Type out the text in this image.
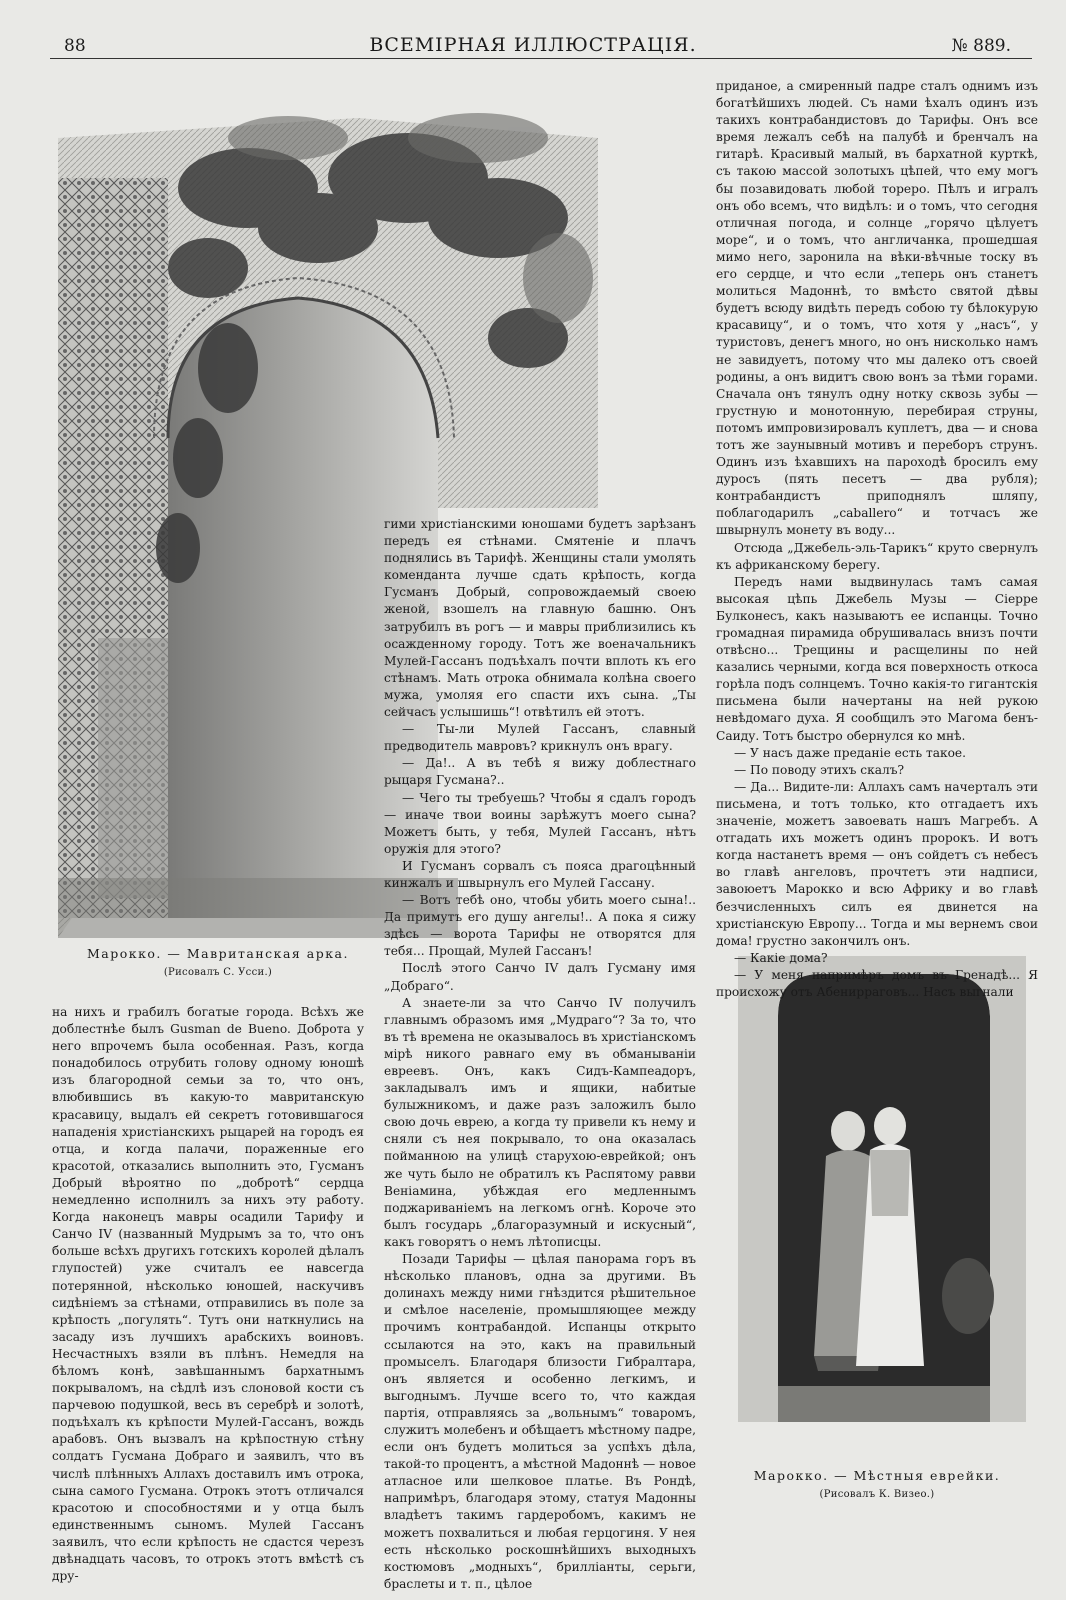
88	ВСЕМІРНАЯ ИЛЛЮСТРАЦІЯ.	№ 889.
Марокко. — Мавританская арка.
(Рисовалъ С. Усси.)
Марокко. — Мѣстныя еврейки.
(Рисовалъ К. Визео.)

на нихъ и грабилъ богатые города. Всѣхъ же доблестнѣе былъ Gusman de Bueno. Доброта у него впрочемъ была особенная. Разъ, когда понадобилось отрубить голову одному юношѣ изъ благородной семьи за то, что онъ, влюбившись въ какую-то мавританскую красавицу, выдалъ ей секретъ готовившагося нападенія христіанскихъ рыцарей на городъ ея отца, и когда палачи, пораженные его красотой, отказались выполнить это, Гусманъ Добрый вѣроятно по „добротѣ“ сердца немедленно исполнилъ за нихъ эту работу. Когда наконецъ мавры осадили Тарифу и Санчо IV (названный Мудрымъ за то, что онъ больше всѣхъ другихъ готскихъ королей дѣлалъ глупостей) уже считалъ ее навсегда потерянной, нѣсколько юношей, наскучивъ сидѣніемъ за стѣнами, отправились въ поле за крѣпость „погулять“. Тутъ они наткнулись на засаду изъ лучшихъ арабскихъ воиновъ. Несчастныхъ взяли въ плѣнъ. Немедля на бѣломъ конѣ, завѣшаннымъ бархатнымъ покрываломъ, на сѣдлѣ изъ слоновой кости съ парчевою подушкой, весь въ серебрѣ и золотѣ, подъѣхалъ къ крѣпости Мулей-Гассанъ, вождь арабовъ. Онъ вызвалъ на крѣпостную стѣну солдатъ Гусмана Добраго и заявилъ, что въ числѣ плѣнныхъ Аллахъ доставилъ имъ отрока, сына самого Гусмана. Отрокъ этотъ отличался красотою и способностями и у отца былъ единственнымъ сыномъ. Мулей Гассанъ заявилъ, что если крѣпость не сдастся черезъ двѣнадцать часовъ, то отрокъ этотъ вмѣстѣ съ дру-

гими христіанскими юношами будетъ зарѣзанъ передъ ея стѣнами. Смятеніе и плачъ поднялись въ Тарифѣ. Женщины стали умолять коменданта лучше сдать крѣпость, когда Гусманъ Добрый, сопровождаемый своею женой, взошелъ на главную башню. Онъ затрубилъ въ рогъ — и мавры приблизились къ осажденному городу. Тотъ же военачальникъ Мулей-Гассанъ подъѣхалъ почти вплоть къ его стѣнамъ. Мать отрока обнимала колѣна своего мужа, умоляя его спасти ихъ сына. „Ты сейчасъ услышишь“! отвѣтилъ ей этотъ.

— Ты-ли Мулей Гассанъ, славный предводитель мавровъ? крикнулъ онъ врагу.

— Да!.. А въ тебѣ я вижу доблестнаго рыцаря Гусмана?..

— Чего ты требуешь? Чтобы я сдалъ городъ — иначе твои воины зарѣжутъ моего сына? Можетъ быть, у тебя, Мулей Гассанъ, нѣтъ оружія для этого?

И Гусманъ сорвалъ съ пояса драгоцѣнный кинжалъ и швырнулъ его Мулей Гассану.

— Вотъ тебѣ оно, чтобы убить моего сына!.. Да примутъ его душу ангелы!.. А пока я сижу здѣсь — ворота Тарифы не отворятся для тебя... Прощай, Мулей Гассанъ!

Послѣ этого Санчо IV далъ Гусману имя „Добраго“.

А знаете-ли за что Санчо IV получилъ главнымъ образомъ имя „Мудраго“? За то, что въ тѣ времена не оказывалось въ христіанскомъ мірѣ никого равнаго ему въ обманываніи евреевъ. Онъ, какъ Сидъ-Кампеадоръ, закладывалъ имъ и ящики, набитые булыжникомъ, и даже разъ заложилъ было свою дочь еврею, а когда ту привели къ нему и сняли съ нея покрывало, то она оказалась пойманною на улицѣ старухою-еврейкой; онъ же чуть было не обратилъ къ Распятому равви Веніамина, убѣждая его медленнымъ поджариваніемъ на легкомъ огнѣ. Короче это былъ государь „благоразумный и искусный“, какъ говорятъ о немъ лѣтописцы.

Позади Тарифы — цѣлая панорама горъ въ нѣсколько плановъ, одна за другими. Въ долинахъ между ними гнѣздится рѣшительное и смѣлое населеніе, промышляющее между прочимъ контрабандой. Испанцы открыто ссылаются на это, какъ на правильный промыселъ. Благодаря близости Гибралтара, онъ является и особенно легкимъ, и выгоднымъ. Лучше всего то, что каждая партія, отправляясь за „вольнымъ“ товаромъ, служитъ молебенъ и обѣщаетъ мѣстному падре, если онъ будетъ молиться за успѣхъ дѣла, такой-то процентъ, а мѣстной Мадоннѣ — новое атласное или шелковое платье. Въ Рондѣ, напримѣръ, благодаря этому, статуя Мадонны владѣетъ такимъ гардеробомъ, какимъ не можетъ похвалиться и любая герцогиня. У нея есть нѣсколько роскошнѣйшихъ выходныхъ костюмовъ „модныхъ“, брилліанты, серьги, браслеты и т. п., цѣлое

приданое, а смиренный падре сталъ однимъ изъ богатѣйшихъ людей. Съ нами ѣхалъ одинъ изъ такихъ контрабандистовъ до Тарифы. Онъ все время лежалъ себѣ на палубѣ и бренчалъ на гитарѣ. Красивый малый, въ бархатной курткѣ, съ такою массой золотыхъ цѣпей, что ему могъ бы позавидовать любой тореро. Пѣлъ и игралъ онъ обо всемъ, что видѣлъ: и о томъ, что сегодня отличная погода, и солнце „горячо цѣлуетъ море“, и о томъ, что англичанка, прошедшая мимо него, заронила на вѣки-вѣчные тоску въ его сердце, и что если „теперь онъ станетъ молиться Мадоннѣ, то вмѣсто святой дѣвы будетъ всюду видѣть передъ собою ту бѣлокурую красавицу“, и о томъ, что хотя у „насъ“, у туристовъ, денегъ много, но онъ нисколько намъ не завидуетъ, потому что мы далеко отъ своей родины, а онъ видитъ свою вонъ за тѣми горами. Сначала онъ тянулъ одну нотку сквозь зубы — грустную и монотонную, перебирая струны, потомъ импровизировалъ куплетъ, два — и снова тотъ же заунывный мотивъ и переборъ струнъ. Одинъ изъ ѣхавшихъ на пароходѣ бросилъ ему дуросъ (пять песетъ — два рубля); контрабандистъ приподнялъ шляпу, поблагодарилъ „caballero“ и тотчасъ же швырнулъ монету въ воду...

Отсюда „Джебель-эль-Тарикъ“ круто свернулъ къ африканскому берегу.

Передъ нами выдвинулась тамъ самая высокая цѣпь Джебель Музы — Сіерре Булконесъ, какъ называютъ ее испанцы. Точно громадная пирамида обрушивалась внизъ почти отвѣсно... Трещины и расщелины по ней казались черными, когда вся поверхность откоса горѣла подъ солнцемъ. Точно какія-то гигантскія письмена были начертаны на ней рукою невѣдомаго духа. Я сообщилъ это Магома бенъ-Саиду. Тотъ быстро обернулся ко мнѣ.

— У насъ даже преданіе есть такое.

— По поводу этихъ скалъ?

— Да... Видите-ли: Аллахъ самъ начерталъ эти письмена, и тотъ только, кто отгадаетъ ихъ значеніе, можетъ завоевать нашъ Магребъ. А отгадать ихъ можетъ одинъ пророкъ. И вотъ когда настанетъ время — онъ сойдетъ съ небесъ во главѣ ангеловъ, прочтетъ эти надписи, завоюетъ Марокко и всю Африку и во главѣ безчисленныхъ силъ ея двинется на христіанскую Европу... Тогда и мы вернемъ свои дома! грустно закончилъ онъ.

— Какіе дома?

— У меня напримѣръ домъ въ Гренадѣ... Я происхожу отъ Абенирраговъ... Насъ выгнали
